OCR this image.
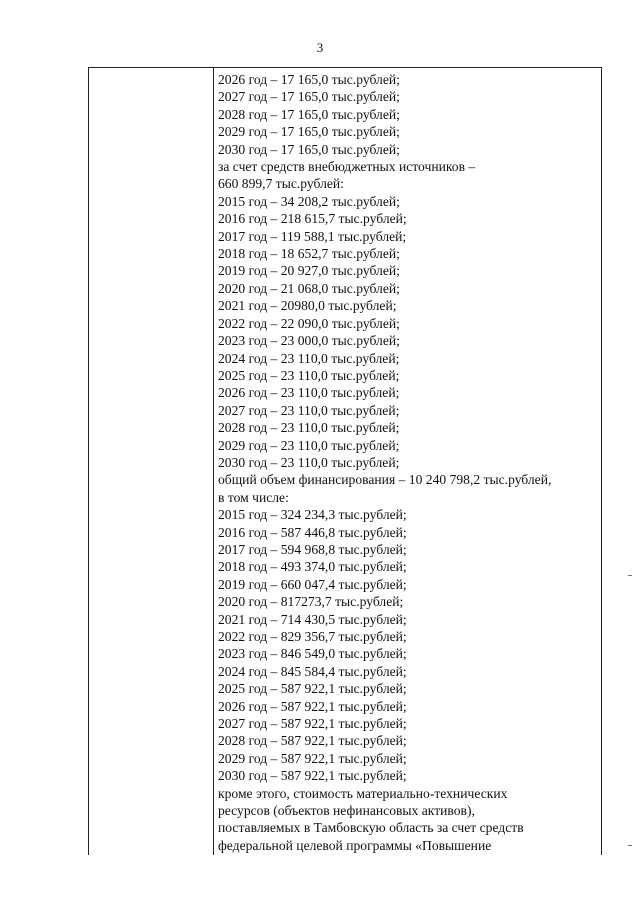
3
2026 год – 17 165,0 тыс.рублей;
2027 год – 17 165,0 тыс.рублей;
2028 год – 17 165,0 тыс.рублей;
2029 год – 17 165,0 тыс.рублей;
2030 год – 17 165,0 тыс.рублей;
за счет средств внебюджетных источников –
660 899,7 тыс.рублей:
2015 год – 34 208,2 тыс.рублей;
2016 год – 218 615,7 тыс.рублей;
2017 год – 119 588,1 тыс.рублей;
2018 год – 18 652,7 тыс.рублей;
2019 год – 20 927,0 тыс.рублей;
2020 год – 21 068,0 тыс.рублей;
2021 год – 20980,0 тыс.рублей;
2022 год – 22 090,0 тыс.рублей;
2023 год – 23 000,0 тыс.рублей;
2024 год – 23 110,0 тыс.рублей;
2025 год – 23 110,0 тыс.рублей;
2026 год – 23 110,0 тыс.рублей;
2027 год – 23 110,0 тыс.рублей;
2028 год – 23 110,0 тыс.рублей;
2029 год – 23 110,0 тыс.рублей;
2030 год – 23 110,0 тыс.рублей;
общий объем финансирования – 10 240 798,2 тыс.рублей,
в том числе:
2015 год – 324 234,3 тыс.рублей;
2016 год – 587 446,8 тыс.рублей;
2017 год – 594 968,8 тыс.рублей;
2018 год – 493 374,0 тыс.рублей;
2019 год – 660 047,4 тыс.рублей;
2020 год – 817273,7 тыс.рублей;
2021 год – 714 430,5 тыс.рублей;
2022 год – 829 356,7 тыс.рублей;
2023 год – 846 549,0 тыс.рублей;
2024 год – 845 584,4 тыс.рублей;
2025 год – 587 922,1 тыс.рублей;
2026 год – 587 922,1 тыс.рублей;
2027 год – 587 922,1 тыс.рублей;
2028 год – 587 922,1 тыс.рублей;
2029 год – 587 922,1 тыс.рублей;
2030 год – 587 922,1 тыс.рублей;
кроме этого, стоимость материально-технических
ресурсов (объектов нефинансовых активов),
поставляемых в Тамбовскую область за счет средств
федеральной целевой программы «Повышение
